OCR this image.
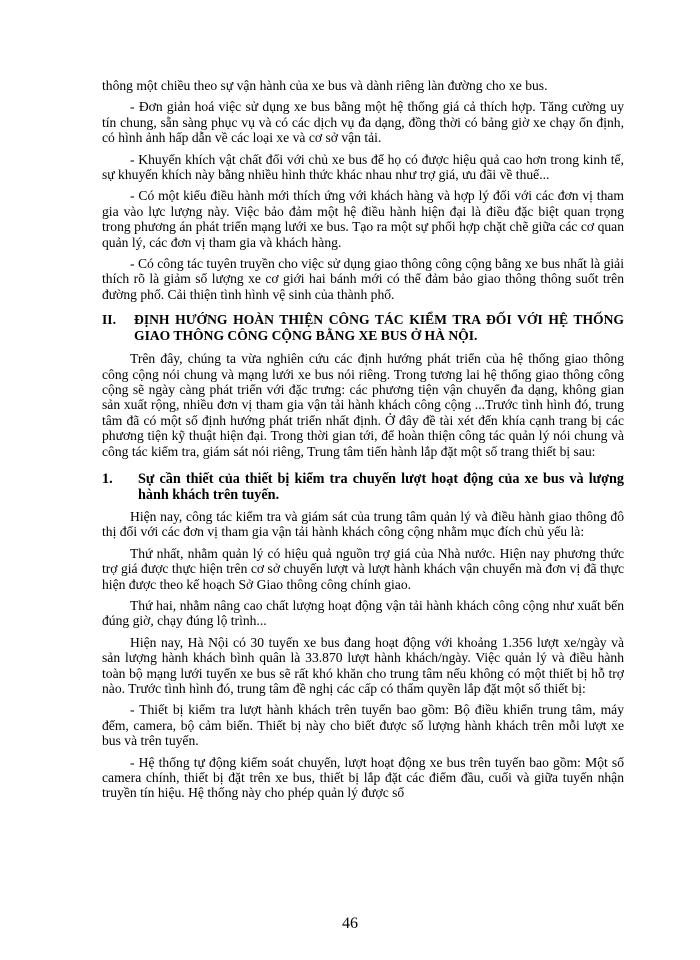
thông một chiều theo sự vận hành của xe bus và dành riêng làn đường cho xe bus.

- Đơn giản hoá việc sử dụng xe bus bằng một hệ thống giá cả thích hợp. Tăng cường uy tín chung, sẵn sàng phục vụ và có các dịch vụ đa dạng, đồng thời có bảng giờ xe chạy ổn định, có hình ảnh hấp dẫn về các loại xe và cơ sở vận tải.

- Khuyến khích vật chất đối với chủ xe bus để họ có được hiệu quả cao hơn trong kinh tế, sự khuyến khích này bằng nhiều hình thức khác nhau như trợ giá, ưu đãi về thuế...

- Có một kiểu điều hành mới thích ứng với khách hàng và hợp lý đối với các đơn vị tham gia vào lực lượng này. Việc bảo đảm một hệ điều hành hiện đại là điều đặc biệt quan trọng trong phương án phát triển mạng lưới xe bus. Tạo ra một sự phối hợp chặt chẽ giữa các cơ quan quản lý, các đơn vị tham gia và khách hàng.

- Có công tác tuyên truyền cho việc sử dụng giao thông công cộng bằng xe bus nhất là giải thích rõ là giảm số lượng xe cơ giới hai bánh mới có thể đảm bảo giao thông thông suốt trên đường phố. Cải thiện tình hình vệ sinh của thành phố.

II.	ĐỊNH HƯỚNG HOÀN THIỆN CÔNG TÁC KIỂM TRA ĐỐI VỚI HỆ THỐNG GIAO THÔNG CÔNG CỘNG BẰNG XE BUS Ở HÀ NỘI.

Trên đây, chúng ta vừa nghiên cứu các định hướng phát triển của hệ thống giao thông công cộng nói chung và mạng lưới xe bus nói riêng. Trong tương lai hệ thống giao thông công cộng sẽ ngày càng phát triển với đặc trưng: các phương tiện vận chuyển đa dạng, không gian sản xuất rộng, nhiều đơn vị tham gia vận tải hành khách công cộng ...Trước tình hình đó, trung tâm đã có một số định hướng phát triển nhất định. Ở đây đề tài xét đến khía cạnh trang bị các phương tiện kỹ thuật hiện đại. Trong thời gian tới, để hoàn thiện công tác quản lý nói chung và công tác kiểm tra, giám sát nói riêng, Trung tâm tiến hành lắp đặt một số trang thiết bị sau:

1.	Sự cần thiết của thiết bị kiểm tra chuyến lượt hoạt động của xe bus và lượng hành khách trên tuyến.

Hiện nay, công tác kiểm tra và giám sát của trung tâm quản lý và điều hành giao thông đô thị đối với các đơn vị tham gia vận tải hành khách công cộng nhằm mục đích chủ yếu là:

Thứ nhất, nhằm quản lý có hiệu quả nguồn trợ giá của Nhà nước. Hiện nay phương thức trợ giá được thực hiện trên cơ sở chuyến lượt và lượt hành khách vận chuyển mà đơn vị đã thực hiện được theo kế hoạch Sở Giao thông công chính giao.

Thứ hai, nhằm nâng cao chất lượng hoạt động vận tải hành khách công cộng như xuất bến đúng giờ, chạy đúng lộ trình...

Hiện nay, Hà Nội có 30 tuyến xe bus đang hoạt động với khoảng 1.356 lượt xe/ngày và sản lượng hành khách bình quân là 33.870 lượt hành khách/ngày. Việc quản lý và điều hành toàn bộ mạng lưới tuyến xe bus sẽ rất khó khăn cho trung tâm nếu không có một thiết bị hỗ trợ nào. Trước tình hình đó, trung tâm đề nghị các cấp có thẩm quyền lắp đặt một số thiết bị:

- Thiết bị kiểm tra lượt hành khách trên tuyến bao gồm: Bộ điều khiển trung tâm, máy đếm, camera, bộ cảm biến. Thiết bị này cho biết được số lượng hành khách trên mỗi lượt xe bus và trên tuyến.

- Hệ thống tự động kiểm soát chuyến, lượt hoạt động xe bus trên tuyến bao gồm: Một số camera chính, thiết bị đặt trên xe bus, thiết bị lắp đặt các điểm đầu, cuối và giữa tuyến nhận truyền tín hiệu. Hệ thống này cho phép quản lý được số

46
